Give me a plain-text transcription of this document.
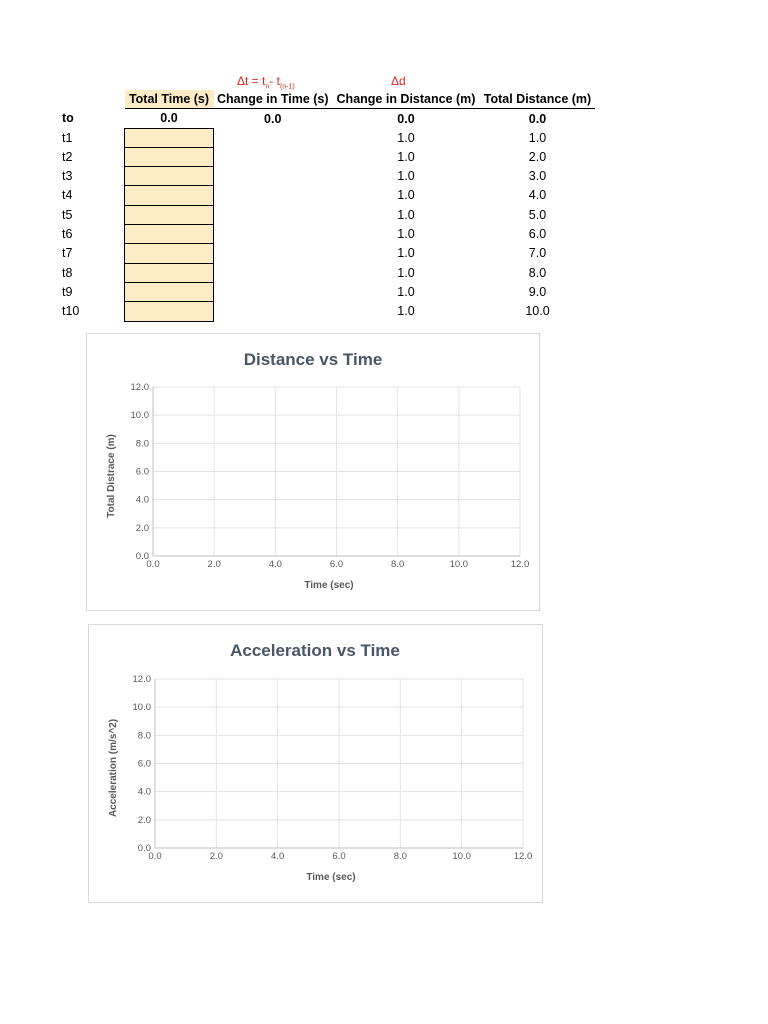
$\Delta t = t_n-$ $t_{(n-1)}$	Δd
	Total Time (s)	Change in Time (s)	Change in Distance (m)	Total Distance (m)
to	0.0	0.0	0.0	0.0
t1			1.0	1.0
t2			1.0	2.0
t3			1.0	3.0
t4			1.0	4.0
t5			1.0	5.0
t6			1.0	6.0
t7			1.0	7.0
t8			1.0	8.0
t9			1.0	9.0
t10			1.0	10.0
Distance vs Time
0.0
2.0
4.0
6.0
8.0
10.0
12.0
0.0	2.0	4.0	6.0	8.0	10.0	12.0
Time (sec)
Total Distrace (m)
Acceleration vs Time
0.0
2.0
4.0
6.0
8.0
10.0
12.0
0.0	2.0	4.0	6.0	8.0	10.0	12.0
Time (sec)
Acceleration (m/s^2)
